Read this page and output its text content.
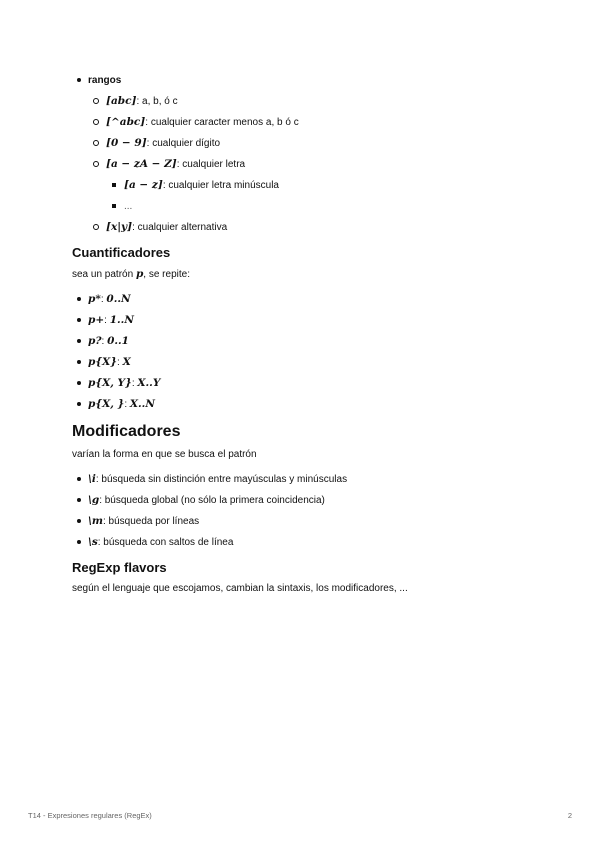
rangos
[abc]: a, b, ó c
[^abc]: cualquier caracter menos a, b ó c
[0 − 9]: cualquier dígito
[a − zA − Z]: cualquier letra
[a − z]: cualquier letra minúscula
...
[x|y]: cualquier alternativa
Cuantificadores

sea un patrón p, se repite:

p*: 0..N
p+: 1..N
p?: 0..1
p{X}: X
p{X, Y}: X..Y
p{X, }: X..N
Modificadores

varían la forma en que se busca el patrón

\i: búsqueda sin distinción entre mayúsculas y minúsculas
\g: búsqueda global (no sólo la primera coincidencia)
\m: búsqueda por líneas
\s: búsqueda con saltos de línea
RegExp flavors

según el lenguaje que escojamos, cambian la sintaxis, los modificadores, ...

T14 - Expresiones regulares (RegEx)	2
